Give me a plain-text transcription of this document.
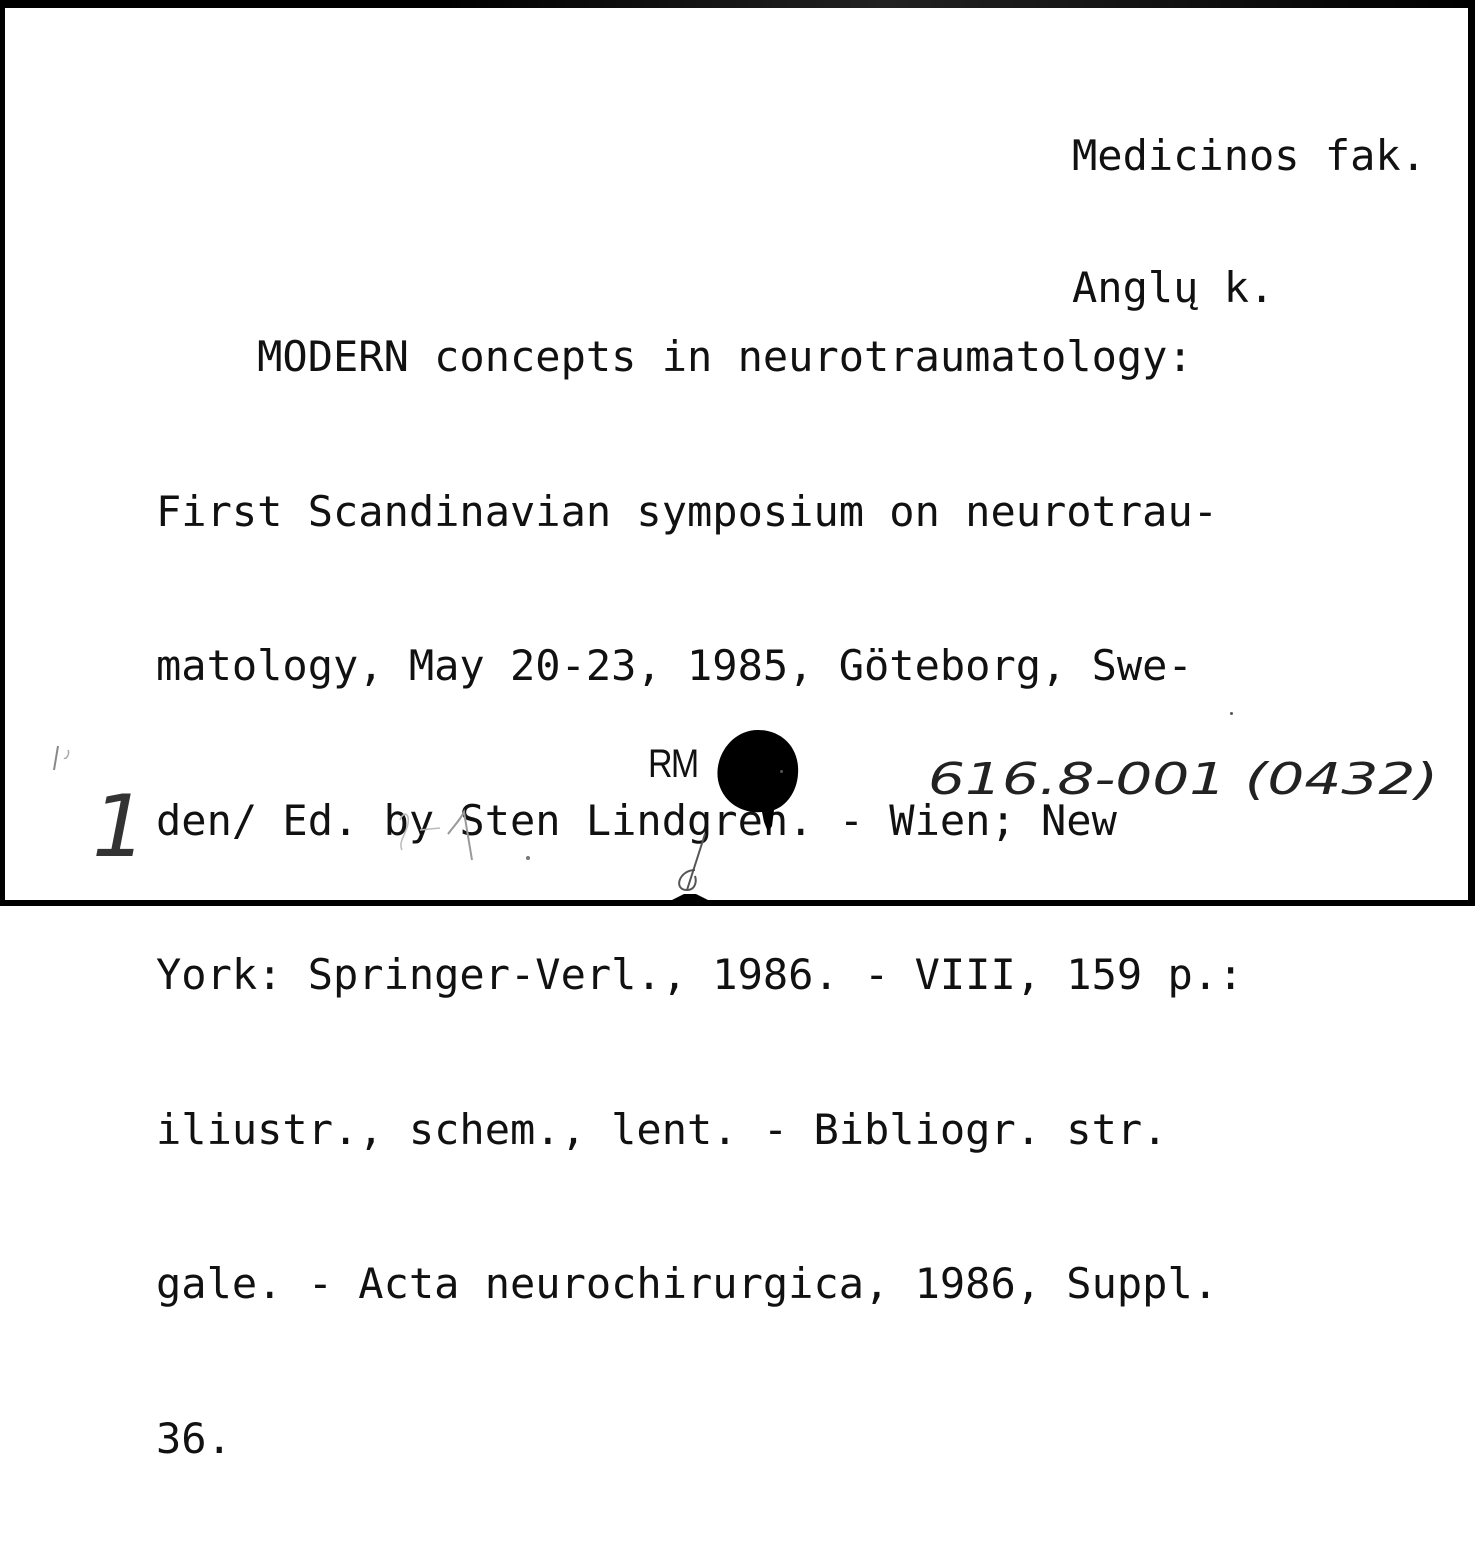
Medicinos fak.

Anglų k.

MODERN concepts in neurotraumatology:

First Scandinavian symposium on neurotrau-

matology, May 20-23, 1985, Göteborg, Swe-

den/ Ed. by Sten Lindgren. - Wien; New

York: Springer-Verl., 1986. - VIII, 159 p.:

iliustr., schem., lent. - Bibliogr. str.

gale. - Acta neurochirurgica, 1986, Suppl.

36.

RM	616.8-001 (0432)
1
